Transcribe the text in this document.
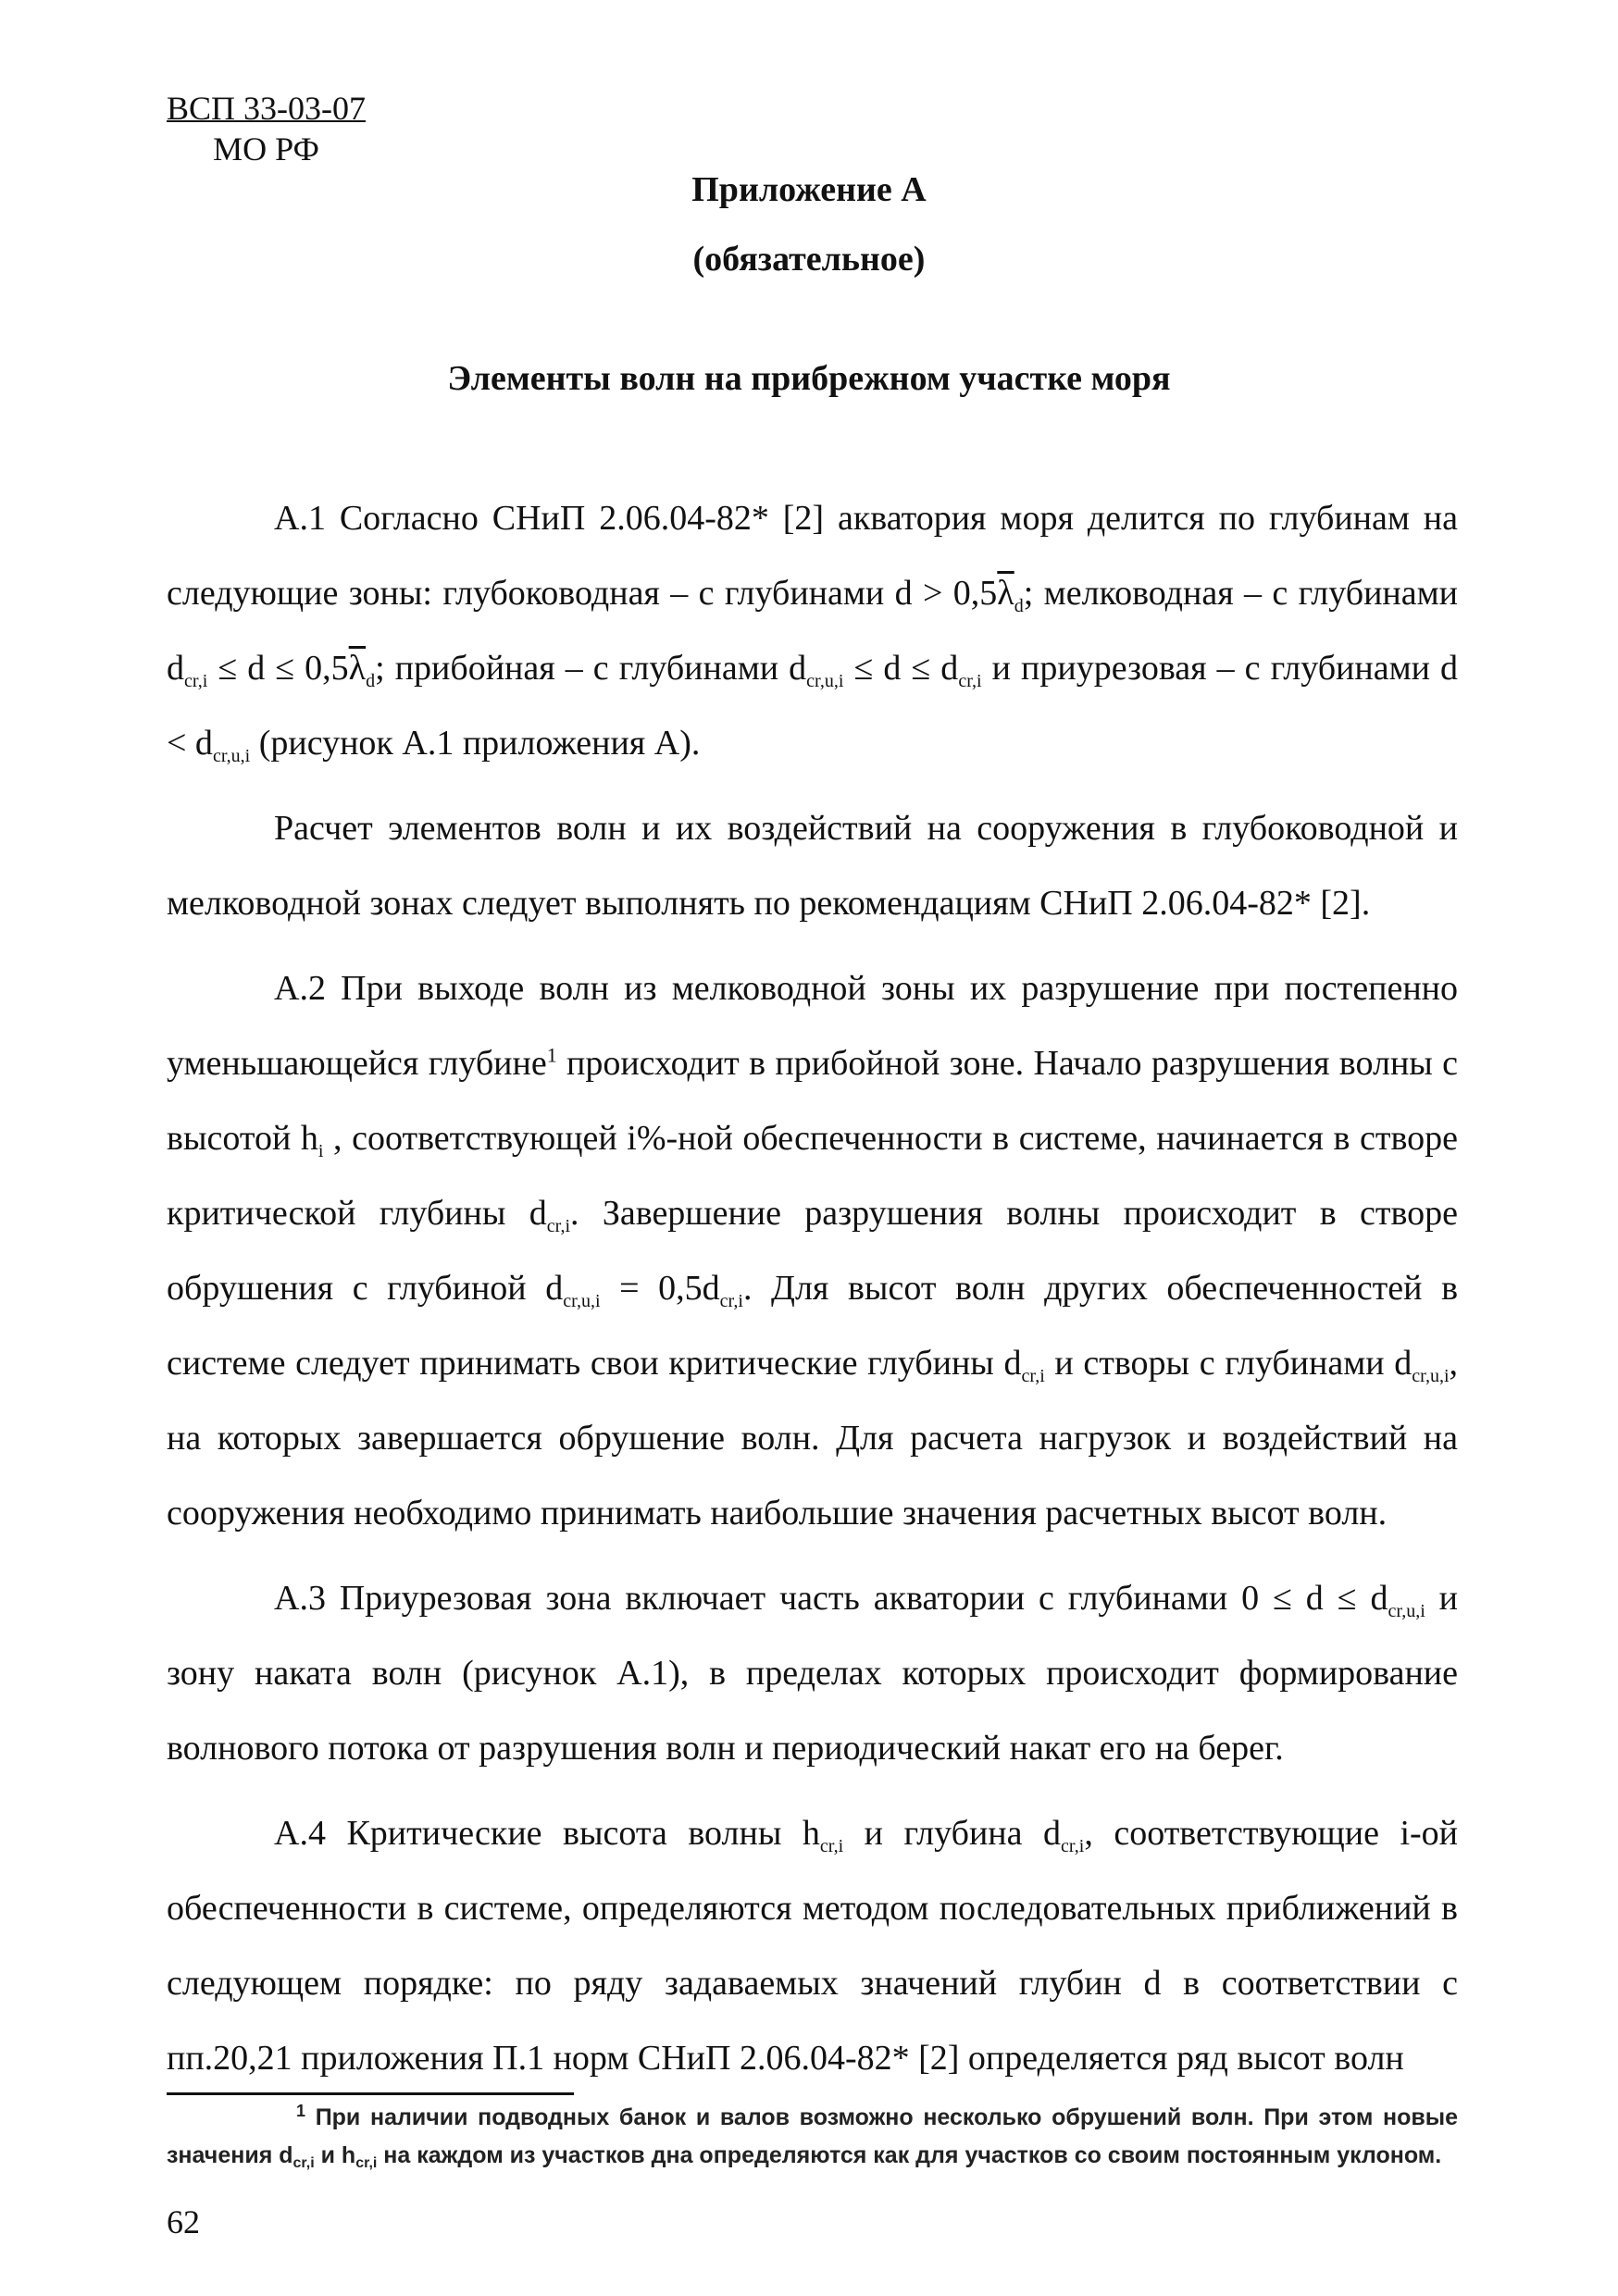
ВСП 33-03-07
МО РФ
Приложение А
(обязательное)
Элементы волн на прибрежном участке моря

А.1 Согласно СНиП 2.06.04-82* [2] акватория моря делится по глубинам на следующие зоны: глубоководная – с глубинами $d > 0,5\overline{\lambda}_d$; мелководная – с глубинами $d_{cr,i} \le d \le 0,5\overline{\lambda}_d$; прибойная – с глубинами $d_{cr,u,i} \le d \le d_{cr,i}$ и приурезовая – с глубинами $d < d_{cr,u,i}$ (рисунок А.1 приложения А).

Расчет элементов волн и их воздействий на сооружения в глубоководной и мелководной зонах следует выполнять по рекомендациям СНиП 2.06.04-82* [2].

А.2 При выходе волн из мелководной зоны их разрушение при постепенно уменьшающейся глубине$^1$ происходит в прибойной зоне. Начало разрушения волны с высотой $h_i$ , соответствующей i%-ной обеспеченности в системе, начинается в створе критической глубины $d_{cr,i}$. Завершение разрушения волны происходит в створе обрушения с глубиной $d_{cr,u,i} = 0,5d_{cr,i}$. Для высот волн других обеспеченностей в системе следует принимать свои критические глубины $d_{cr,i}$ и створы с глубинами $d_{cr,u,i}$, на которых завершается обрушение волн. Для расчета нагрузок и воздействий на сооружения необходимо принимать наибольшие значения расчетных высот волн.

А.3 Приурезовая зона включает часть акватории с глубинами $0 \le d \le d_{cr,u,i}$ и зону наката волн (рисунок А.1), в пределах которых происходит формирование волнового потока от разрушения волн и периодический накат его на берег.

А.4 Критические высота волны $h_{cr,i}$ и глубина $d_{cr,i}$, соответствующие i-ой обеспеченности в системе, определяются методом последовательных приближений в следующем порядке: по ряду задаваемых значений глубин d в соответствии с пп.20,21 приложения П.1 норм СНиП 2.06.04-82* [2] определяется ряд высот волн

$^1$ При наличии подводных банок и валов возможно несколько обрушений волн. При этом новые значения $d_{cr,i}$ и $h_{cr,i}$ на каждом из участков дна определяются как для участков со своим постоянным уклоном.
62
